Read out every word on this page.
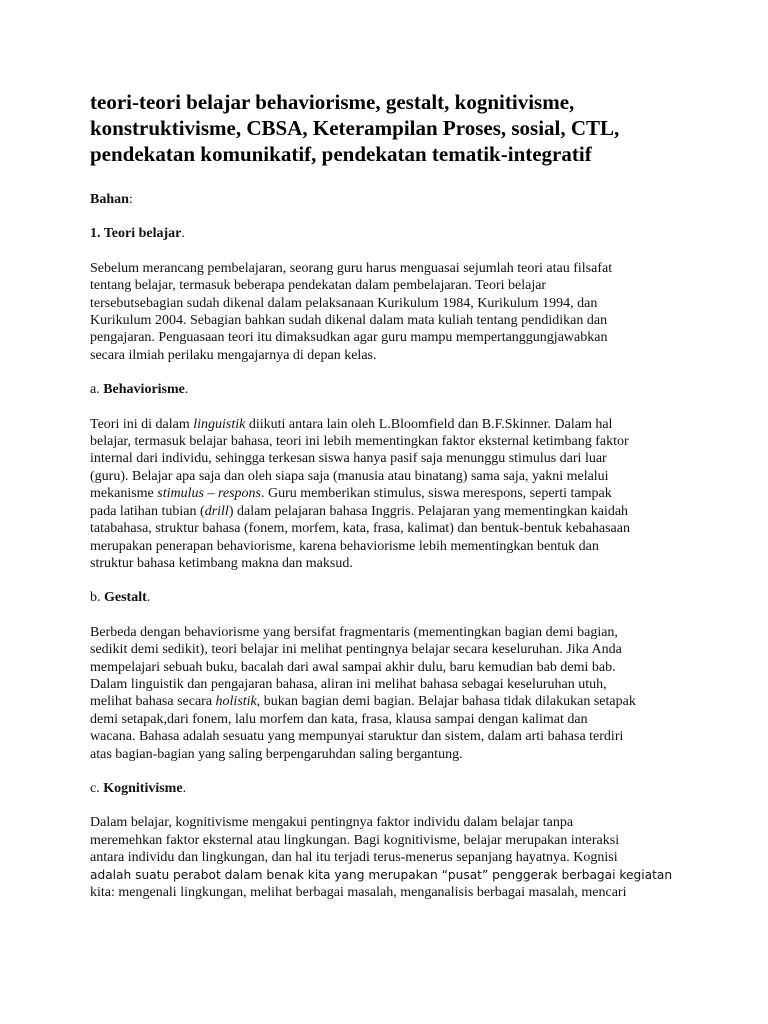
teori-teori belajar behaviorisme, gestalt, kognitivisme,
konstruktivisme, CBSA, Keterampilan Proses, sosial, CTL,
pendekatan komunikatif, pendekatan tematik-integratif

Bahan:

1. Teori belajar.

Sebelum merancang pembelajaran, seorang guru harus menguasai sejumlah teori atau filsafat
tentang belajar, termasuk beberapa pendekatan dalam pembelajaran. Teori belajar
tersebutsebagian sudah dikenal dalam pelaksanaan Kurikulum 1984, Kurikulum 1994, dan
Kurikulum 2004. Sebagian bahkan sudah dikenal dalam mata kuliah tentang pendidikan dan
pengajaran. Penguasaan teori itu dimaksudkan agar guru mampu mempertanggungjawabkan
secara ilmiah perilaku mengajarnya di depan kelas.

a. Behaviorisme.

Teori ini di dalam linguistik diikuti antara lain oleh L.Bloomfield dan B.F.Skinner. Dalam hal
belajar, termasuk belajar bahasa, teori ini lebih mementingkan faktor eksternal ketimbang faktor
internal dari individu, sehingga terkesan siswa hanya pasif saja menunggu stimulus dari luar
(guru). Belajar apa saja dan oleh siapa saja (manusia atau binatang) sama saja, yakni melalui
mekanisme stimulus – respons. Guru memberikan stimulus, siswa merespons, seperti tampak
pada latihan tubian (drill) dalam pelajaran bahasa Inggris. Pelajaran yang mementingkan kaidah
tatabahasa, struktur bahasa (fonem, morfem, kata, frasa, kalimat) dan bentuk-bentuk kebahasaan
merupakan penerapan behaviorisme, karena behaviorisme lebih mementingkan bentuk dan
struktur bahasa ketimbang makna dan maksud.

b. Gestalt.

Berbeda dengan behaviorisme yang bersifat fragmentaris (mementingkan bagian demi bagian,
sedikit demi sedikit), teori belajar ini melihat pentingnya belajar secara keseluruhan. Jika Anda
mempelajari sebuah buku, bacalah dari awal sampai akhir dulu, baru kemudian bab demi bab.
Dalam linguistik dan pengajaran bahasa, aliran ini melihat bahasa sebagai keseluruhan utuh,
melihat bahasa secara holistik, bukan bagian demi bagian. Belajar bahasa tidak dilakukan setapak
demi setapak,dari fonem, lalu morfem dan kata, frasa, klausa sampai dengan kalimat dan
wacana. Bahasa adalah sesuatu yang mempunyai staruktur dan sistem, dalam arti bahasa terdiri
atas bagian-bagian yang saling berpengaruhdan saling bergantung.

c. Kognitivisme.

Dalam belajar, kognitivisme mengakui pentingnya faktor individu dalam belajar tanpa
meremehkan faktor eksternal atau lingkungan. Bagi kognitivisme, belajar merupakan interaksi
antara individu dan lingkungan, dan hal itu terjadi terus-menerus sepanjang hayatnya. Kognisi
adalah suatu perabot dalam benak kita yang merupakan “pusat” penggerak berbagai kegiatan
kita: mengenali lingkungan, melihat berbagai masalah, menganalisis berbagai masalah, mencari
